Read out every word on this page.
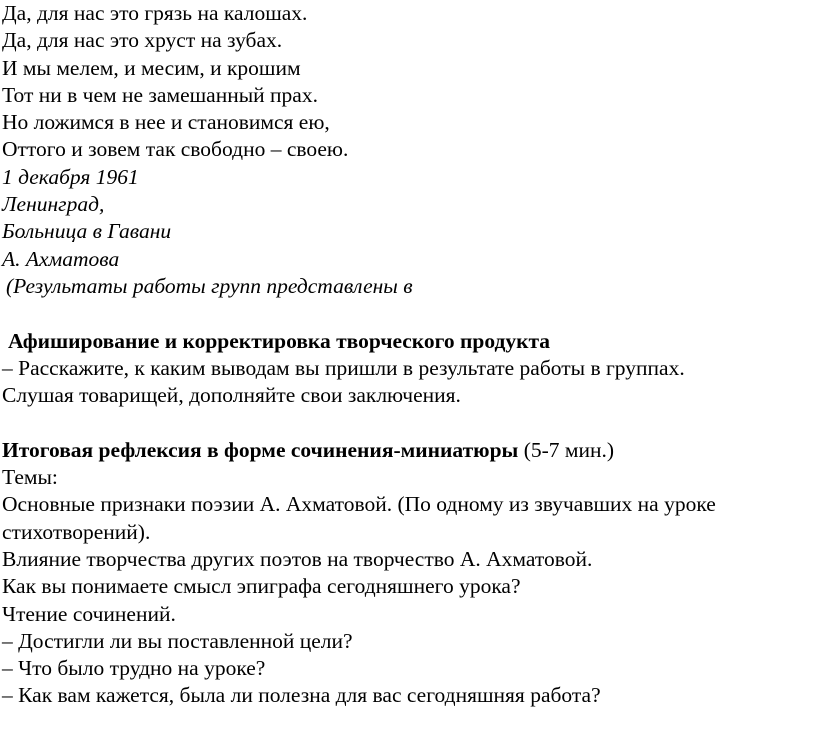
Да, для нас это грязь на калошах.
Да, для нас это хруст на зубах.
И мы мелем, и месим, и крошим
Тот ни в чем не замешанный прах.
Но ложимся в нее и становимся ею,
Оттого и зовем так свободно – своею.
1 декабря 1961
Ленинград,
Больница в Гавани
А. Ахматова
(Результаты работы групп представлены в
Афиширование и корректировка творческого продукта
– Расскажите, к каким выводам вы пришли в результате работы в группах.
Слушая товарищей, дополняйте свои заключения.
Итоговая рефлексия в форме сочинения-миниатюры (5-7 мин.)
Темы:
Основные признаки поэзии А. Ахматовой. (По одному из звучавших на уроке
стихотворений).
Влияние творчества других поэтов на творчество А. Ахматовой.
Как вы понимаете смысл эпиграфа сегодняшнего урока?
Чтение сочинений.
– Достигли ли вы поставленной цели?
– Что было трудно на уроке?
– Как вам кажется, была ли полезна для вас сегодняшняя работа?
